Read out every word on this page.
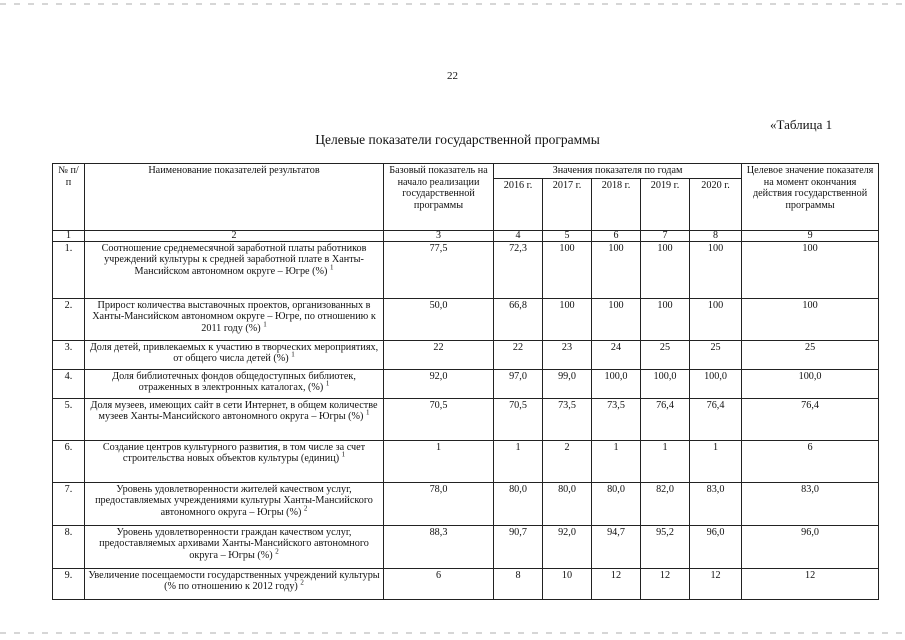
22
«Таблица 1
Целевые показатели государственной программы
№ п/п	Наименование показателей результатов	Базовый показатель на начало реализации государственной программы	Значения показателя по годам					Целевое значение показателя на момент окончания действия государственной программы
			2016 г.	2017 г.	2018 г.	2019 г.	2020 г.	
1	2	3	4	5	6	7	8	9
1.	Соотношение среднемесячной заработной платы работников учреждений культуры к средней заработной плате в Ханты-Мансийском автономном округе – Югре (%) $^1$	77,5	72,3	100	100	100	100	100
2.	Прирост количества выставочных проектов, организованных в Ханты-Мансийском автономном округе – Югре, по отношению к 2011 году (%) $^1$	50,0	66,8	100	100	100	100	100
3.	Доля детей, привлекаемых к участию в творческих мероприятиях, от общего числа детей (%) $^1$	22	22	23	24	25	25	25
4.	Доля библиотечных фондов общедоступных библиотек, отраженных в электронных каталогах, (%) $^1$	92,0	97,0	99,0	100,0	100,0	100,0	100,0
5.	Доля музеев, имеющих сайт в сети Интернет, в общем количестве музеев Ханты-Мансийского автономного округа – Югры (%) $^1$	70,5	70,5	73,5	73,5	76,4	76,4	76,4
6.	Создание центров культурного развития, в том числе за счет строительства новых объектов культуры (единиц) $^1$	1	1	2	1	1	1	6
7.	Уровень удовлетворенности жителей качеством услуг, предоставляемых учреждениями культуры Ханты-Мансийского автономного округа – Югры (%) $^2$	78,0	80,0	80,0	80,0	82,0	83,0	83,0
8.	Уровень удовлетворенности граждан качеством услуг, предоставляемых архивами Ханты-Мансийского автономного округа – Югры (%) $^2$	88,3	90,7	92,0	94,7	95,2	96,0	96,0
9.	Увеличение посещаемости государственных учреждений культуры (% по отношению к 2012 году) $^2$	6	8	10	12	12	12	12
